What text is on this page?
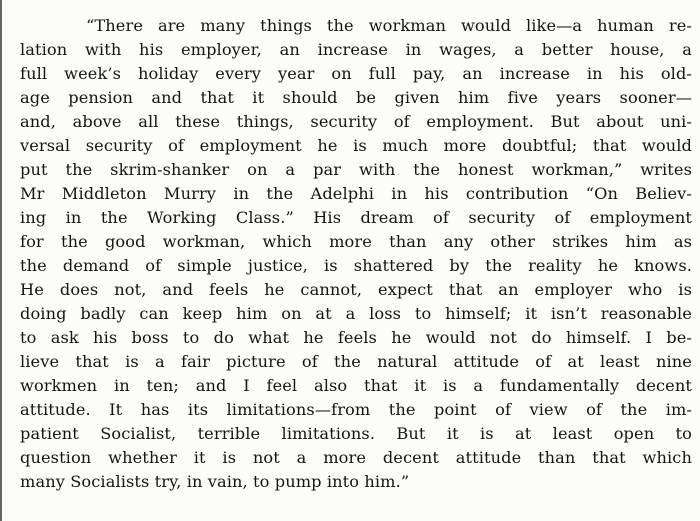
“There are many things the workman would like—a human re-
lation with his employer, an increase in wages, a better house, a
full week’s holiday every year on full pay, an increase in his old-
age pension and that it should be given him five years sooner—
and, above all these things, security of employment. But about uni-
versal security of employment he is much more doubtful; that would
put the skrim-shanker on a par with the honest workman,” writes
Mr Middleton Murry in the Adelphi in his contribution “On Believ-
ing in the Working Class.” His dream of security of employment
for the good workman, which more than any other strikes him as
the demand of simple justice, is shattered by the reality he knows.
He does not, and feels he cannot, expect that an employer who is
doing badly can keep him on at a loss to himself; it isn’t reasonable
to ask his boss to do what he feels he would not do himself. I be-
lieve that is a fair picture of the natural attitude of at least nine
workmen in ten; and I feel also that it is a fundamentally decent
attitude. It has its limitations—from the point of view of the im-
patient Socialist, terrible limitations. But it is at least open to
question whether it is not a more decent attitude than that which
many Socialists try, in vain, to pump into him.”
